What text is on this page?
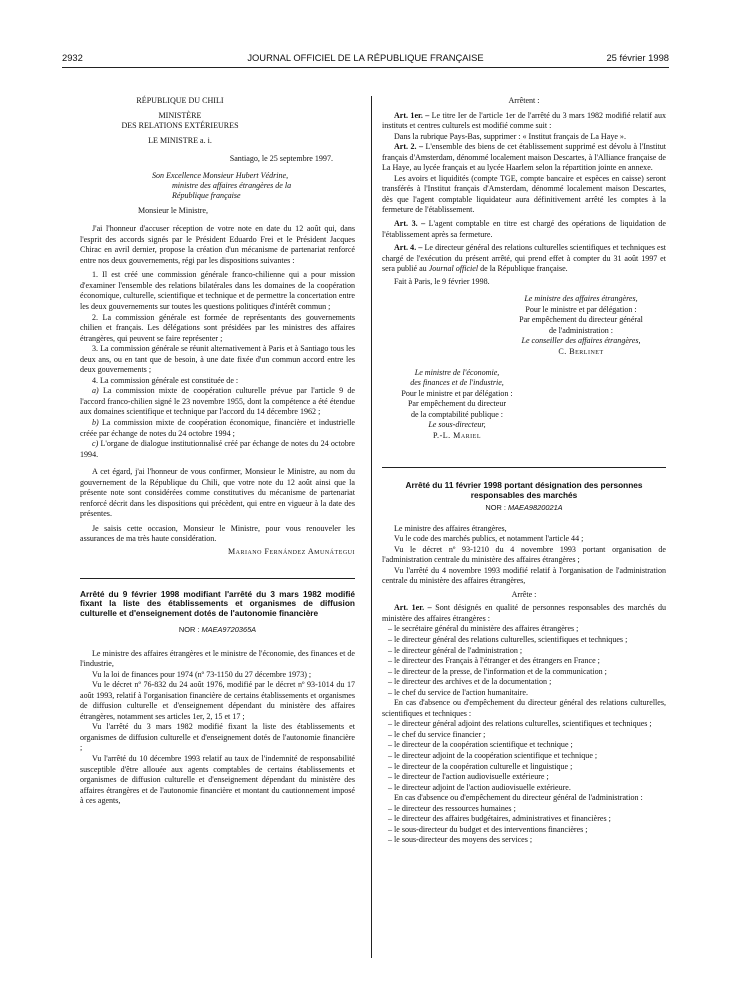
2932	JOURNAL OFFICIEL DE LA RÉPUBLIQUE FRANÇAISE	25 février 1998
RÉPUBLIQUE DU CHILI
MINISTÈRE
DES RELATIONS EXTÉRIEURES
LE MINISTRE a. i.

Santiago, le 25 septembre 1997.

Son Excellence Monsieur Hubert Védrine,
ministre des affaires étrangères de la
République française

Monsieur le Ministre,

J'ai l'honneur d'accuser réception de votre note en date du 12 août qui, dans l'esprit des accords signés par le Président Eduardo Frei et le Président Jacques Chirac en avril dernier, propose la création d'un mécanisme de partenariat renforcé entre nos deux gouvernements, régi par les dispositions suivantes :

1. Il est créé une commission générale franco-chilienne qui a pour mission d'examiner l'ensemble des relations bilatérales dans les domaines de la coopération économique, culturelle, scientifique et technique et de permettre la concertation entre les deux gouvernements sur toutes les questions politiques d'intérêt commun ;

2. La commission générale est formée de représentants des gouvernements chilien et français. Les délégations sont présidées par les ministres des affaires étrangères, qui peuvent se faire représenter ;

3. La commission générale se réunit alternativement à Paris et à Santiago tous les deux ans, ou en tant que de besoin, à une date fixée d'un commun accord entre les deux gouvernements ;

4. La commission générale est constituée de :

a) La commission mixte de coopération culturelle prévue par l'article 9 de l'accord franco-chilien signé le 23 novembre 1955, dont la compétence a été étendue aux domaines scientifique et technique par l'accord du 14 décembre 1962 ;

b) La commission mixte de coopération économique, financière et industrielle créée par échange de notes du 24 octobre 1994 ;

c) L'organe de dialogue institutionnalisé créé par échange de notes du 24 octobre 1994.

A cet égard, j'ai l'honneur de vous confirmer, Monsieur le Ministre, au nom du gouvernement de la République du Chili, que votre note du 12 août ainsi que la présente note sont considérées comme constitutives du mécanisme de partenariat renforcé décrit dans les dispositions qui précèdent, qui entre en vigueur à la date des présentes.

Je saisis cette occasion, Monsieur le Ministre, pour vous renouveler les assurances de ma très haute considération.

Mariano Fernández Amunátegui

Arrêté du 9 février 1998 modifiant l'arrêté du 3 mars 1982 modifié fixant la liste des établissements et organismes de diffusion culturelle et d'enseignement dotés de l'autonomie financière

NOR : MAEA9720365A

Le ministre des affaires étrangères et le ministre de l'économie, des finances et de l'industrie,

Vu la loi de finances pour 1974 (nº 73-1150 du 27 décembre 1973) ;

Vu le décret nº 76-832 du 24 août 1976, modifié par le décret nº 93-1014 du 17 août 1993, relatif à l'organisation financière de certains établissements et organismes de diffusion culturelle et d'enseignement dépendant du ministère des affaires étrangères, notamment ses articles 1er, 2, 15 et 17 ;

Vu l'arrêté du 3 mars 1982 modifié fixant la liste des établissements et organismes de diffusion culturelle et d'enseignement dotés de l'autonomie financière ;

Vu l'arrêté du 10 décembre 1993 relatif au taux de l'indemnité de responsabilité susceptible d'être allouée aux agents comptables de certains établissements et organismes de diffusion culturelle et d'enseignement dépendant du ministère des affaires étrangères et de l'autonomie financière et montant du cautionnement imposé à ces agents,

Arrêtent :

Art. 1er. – Le titre Ier de l'article 1er de l'arrêté du 3 mars 1982 modifié relatif aux instituts et centres culturels est modifié comme suit :

Dans la rubrique Pays-Bas, supprimer : « Institut français de La Haye ».

Art. 2. – L'ensemble des biens de cet établissement supprimé est dévolu à l'Institut français d'Amsterdam, dénommé localement maison Descartes, à l'Alliance française de La Haye, au lycée français et au lycée Haarlem selon la répartition jointe en annexe.

Les avoirs et liquidités (compte TGE, compte bancaire et espèces en caisse) seront transférés à l'Institut français d'Amsterdam, dénommé localement maison Descartes, dès que l'agent comptable liquidateur aura définitivement arrêté les comptes à la fermeture de l'établissement.

Art. 3. – L'agent comptable en titre est chargé des opérations de liquidation de l'établissement après sa fermeture.

Art. 4. – Le directeur général des relations culturelles scientifiques et techniques est chargé de l'exécution du présent arrêté, qui prend effet à compter du 31 août 1997 et sera publié au Journal officiel de la République française.

Fait à Paris, le 9 février 1998.

Le ministre des affaires étrangères,
Pour le ministre et par délégation :
Par empêchement du directeur général
de l'administration :
Le conseiller des affaires étrangères,
C. Berlinet
Le ministre de l'économie,
des finances et de l'industrie,
Pour le ministre et par délégation :
Par empêchement du directeur
de la comptabilité publique :
Le sous-directeur,
P.-L. Mariel

Arrêté du 11 février 1998 portant désignation des personnes responsables des marchés

NOR : MAEA9820021A

Le ministre des affaires étrangères,

Vu le code des marchés publics, et notamment l'article 44 ;

Vu le décret nº 93-1210 du 4 novembre 1993 portant organisation de l'administration centrale du ministère des affaires étrangères ;

Vu l'arrêté du 4 novembre 1993 modifié relatif à l'organisation de l'administration centrale du ministère des affaires étrangères,

Arrête :

Art. 1er. – Sont désignés en qualité de personnes responsables des marchés du ministère des affaires étrangères :

– le secrétaire général du ministère des affaires étrangères ;

– le directeur général des relations culturelles, scientifiques et techniques ;

– le directeur général de l'administration ;

– le directeur des Français à l'étranger et des étrangers en France ;

– le directeur de la presse, de l'information et de la communication ;

– le directeur des archives et de la documentation ;

– le chef du service de l'action humanitaire.

En cas d'absence ou d'empêchement du directeur général des relations culturelles, scientifiques et techniques :

– le directeur général adjoint des relations culturelles, scientifiques et techniques ;

– le chef du service financier ;

– le directeur de la coopération scientifique et technique ;

– le directeur adjoint de la coopération scientifique et technique ;

– le directeur de la coopération culturelle et linguistique ;

– le directeur de l'action audiovisuelle extérieure ;

– le directeur adjoint de l'action audiovisuelle extérieure.

En cas d'absence ou d'empêchement du directeur général de l'administration :

– le directeur des ressources humaines ;

– le directeur des affaires budgétaires, administratives et financières ;

– le sous-directeur du budget et des interventions financières ;

– le sous-directeur des moyens des services ;
